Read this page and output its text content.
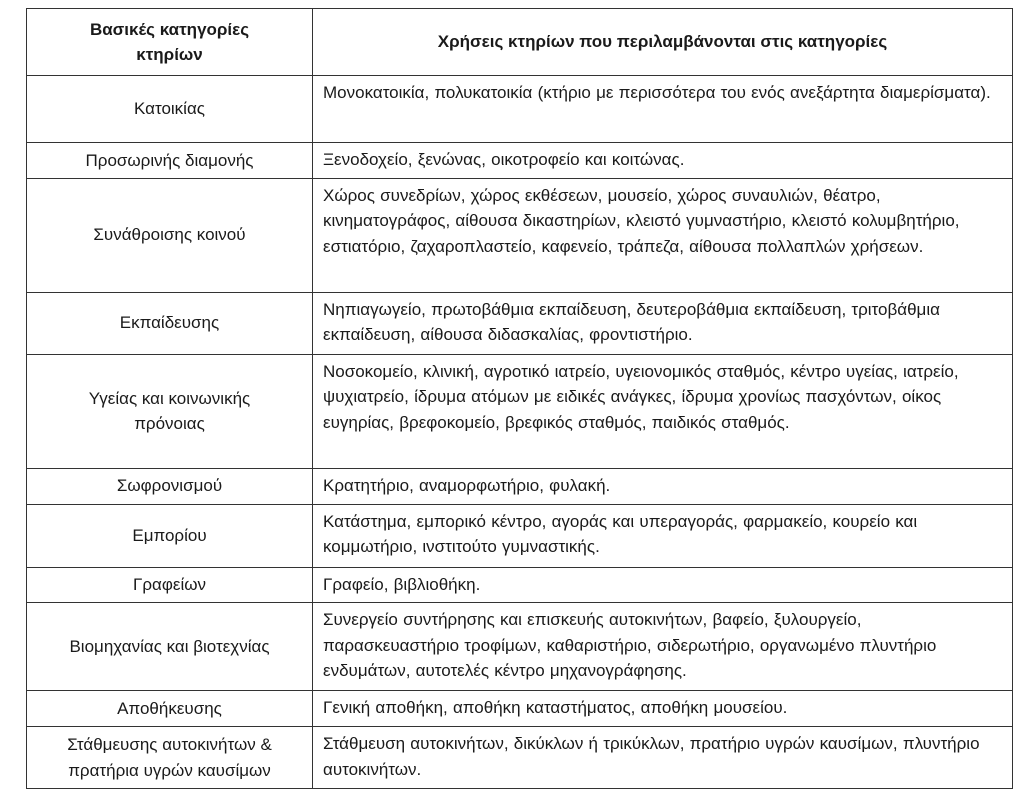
Βασικές κατηγορίες κτηρίων	Χρήσεις κτηρίων που περιλαμβάνονται στις κατηγορίες
Κατοικίας	Μονοκατοικία, πολυκατοικία (κτήριο με περισσότερα του ενός ανεξάρτητα διαμερίσματα).
Προσωρινής διαμονής	Ξενοδοχείο, ξενώνας, οικοτροφείο και κοιτώνας.
Συνάθροισης κοινού	Χώρος συνεδρίων, χώρος εκθέσεων, μουσείο, χώρος συναυλιών, θέατρο, κινηματογράφος, αίθουσα δικαστηρίων, κλειστό γυμναστήριο, κλειστό κολυμβητήριο, εστιατόριο, ζαχαροπλαστείο, καφενείο, τράπεζα, αίθουσα πολλαπλών χρήσεων.
Εκπαίδευσης	Νηπιαγωγείο, πρωτοβάθμια εκπαίδευση, δευτεροβάθμια εκπαίδευση, τριτοβάθμια εκπαίδευση, αίθουσα διδασκαλίας, φροντιστήριο.
Υγείας και κοινωνικής πρόνοιας	Νοσοκομείο, κλινική, αγροτικό ιατρείο, υγειονομικός σταθμός, κέντρο υγείας, ιατρείο, ψυχιατρείο, ίδρυμα ατόμων με ειδικές ανάγκες, ίδρυμα χρονίως πασχόντων, οίκος ευγηρίας, βρεφοκομείο, βρεφικός σταθμός, παιδικός σταθμός.
Σωφρονισμού	Κρατητήριο, αναμορφωτήριο, φυλακή.
Εμπορίου	Κατάστημα, εμπορικό κέντρο, αγοράς και υπεραγοράς, φαρμακείο, κουρείο και κομμωτήριο, ινστιτούτο γυμναστικής.
Γραφείων	Γραφείο, βιβλιοθήκη.
Βιομηχανίας και βιοτεχνίας	Συνεργείο συντήρησης και επισκευής αυτοκινήτων, βαφείο, ξυλουργείο, παρασκευαστήριο τροφίμων, καθαριστήριο, σιδερωτήριο, οργανωμένο πλυντήριο ενδυμάτων, αυτοτελές κέντρο μηχανογράφησης.
Αποθήκευσης	Γενική αποθήκη, αποθήκη καταστήματος, αποθήκη μουσείου.
Στάθμευσης αυτοκινήτων & πρατήρια υγρών καυσίμων	Στάθμευση αυτοκινήτων, δικύκλων ή τρικύκλων, πρατήριο υγρών καυσίμων, πλυντήριο αυτοκινήτων.
